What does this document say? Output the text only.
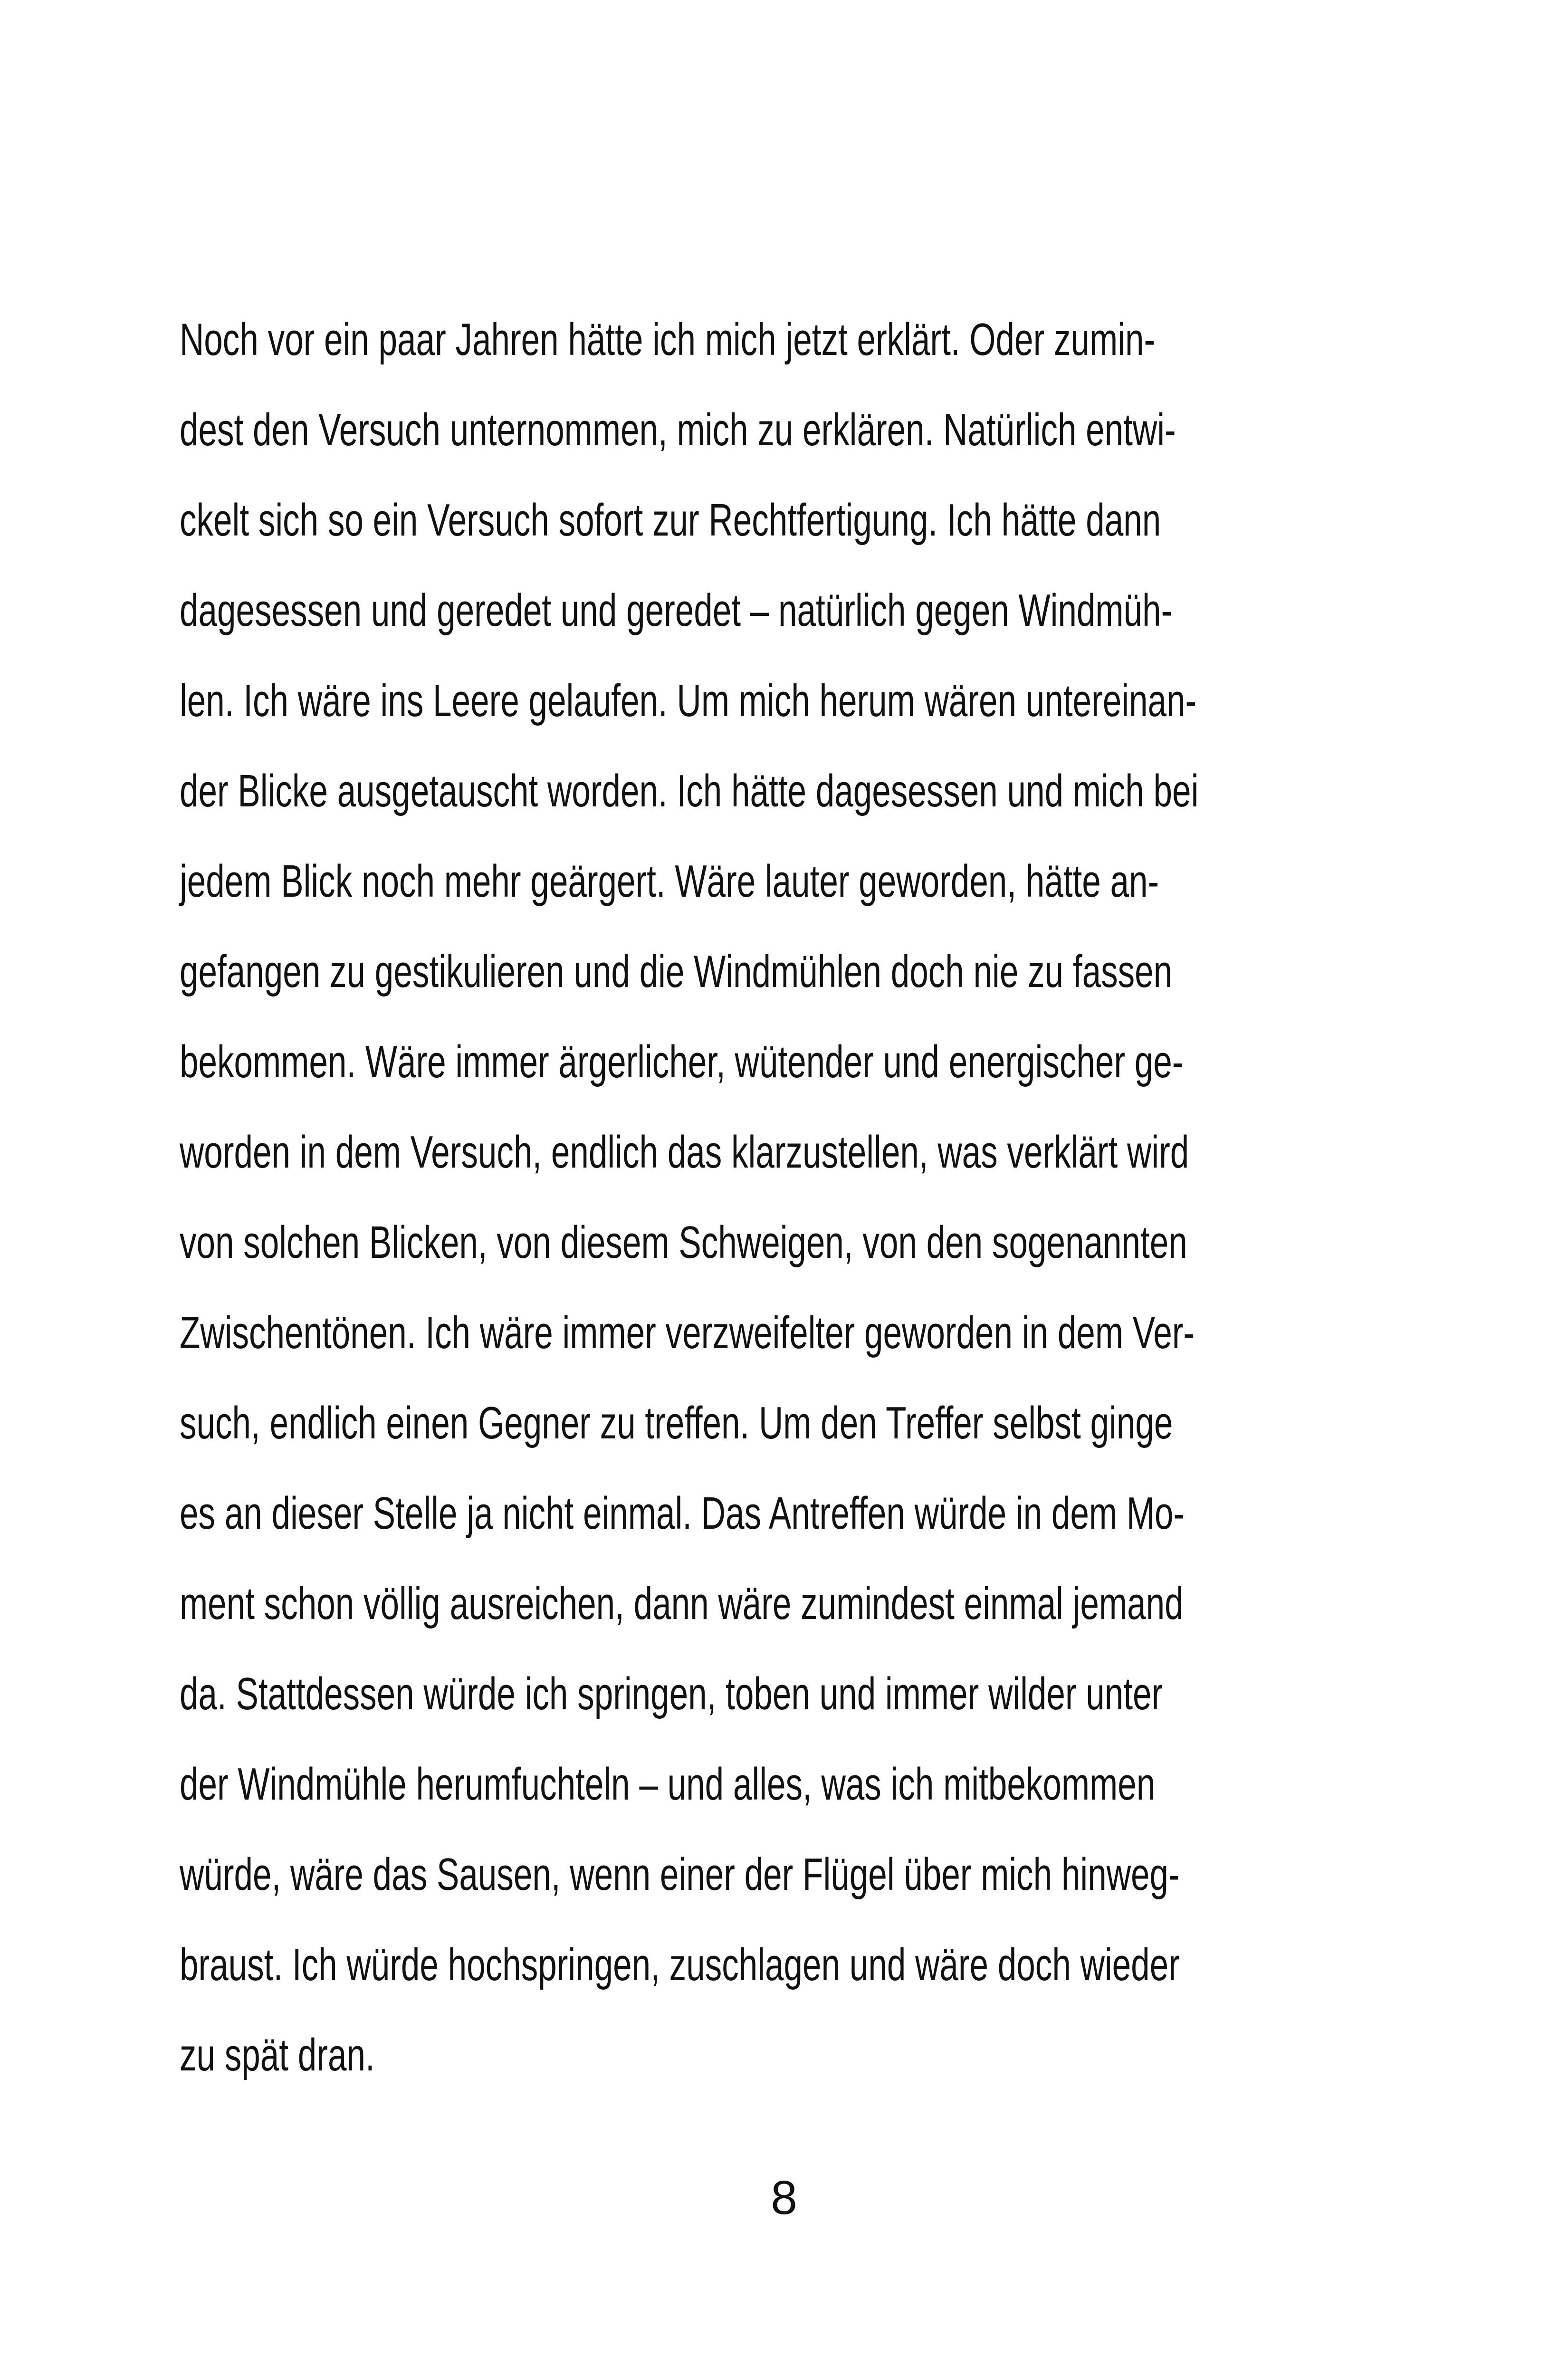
Noch vor ein paar Jahren hätte ich mich jetzt erklärt. Oder zumin-
dest den Versuch unternommen, mich zu erklären. Natürlich entwi-
ckelt sich so ein Versuch sofort zur Rechtfertigung. Ich hätte dann
dagesessen und geredet und geredet – natürlich gegen Windmüh-
len. Ich wäre ins Leere gelaufen. Um mich herum wären untereinan-
der Blicke ausgetauscht worden. Ich hätte dagesessen und mich bei
jedem Blick noch mehr geärgert. Wäre lauter geworden, hätte an-
gefangen zu gestikulieren und die Windmühlen doch nie zu fassen
bekommen. Wäre immer ärgerlicher, wütender und energischer ge-
worden in dem Versuch, endlich das klarzustellen, was verklärt wird
von solchen Blicken, von diesem Schweigen, von den sogenannten
Zwischentönen. Ich wäre immer verzweifelter geworden in dem Ver-
such, endlich einen Gegner zu treffen. Um den Treffer selbst ginge
es an dieser Stelle ja nicht einmal. Das Antreffen würde in dem Mo-
ment schon völlig ausreichen, dann wäre zumindest einmal jemand
da. Stattdessen würde ich springen, toben und immer wilder unter
der Windmühle herumfuchteln – und alles, was ich mitbekommen
würde, wäre das Sausen, wenn einer der Flügel über mich hinweg-
braust. Ich würde hochspringen, zuschlagen und wäre doch wieder
zu spät dran.
8
